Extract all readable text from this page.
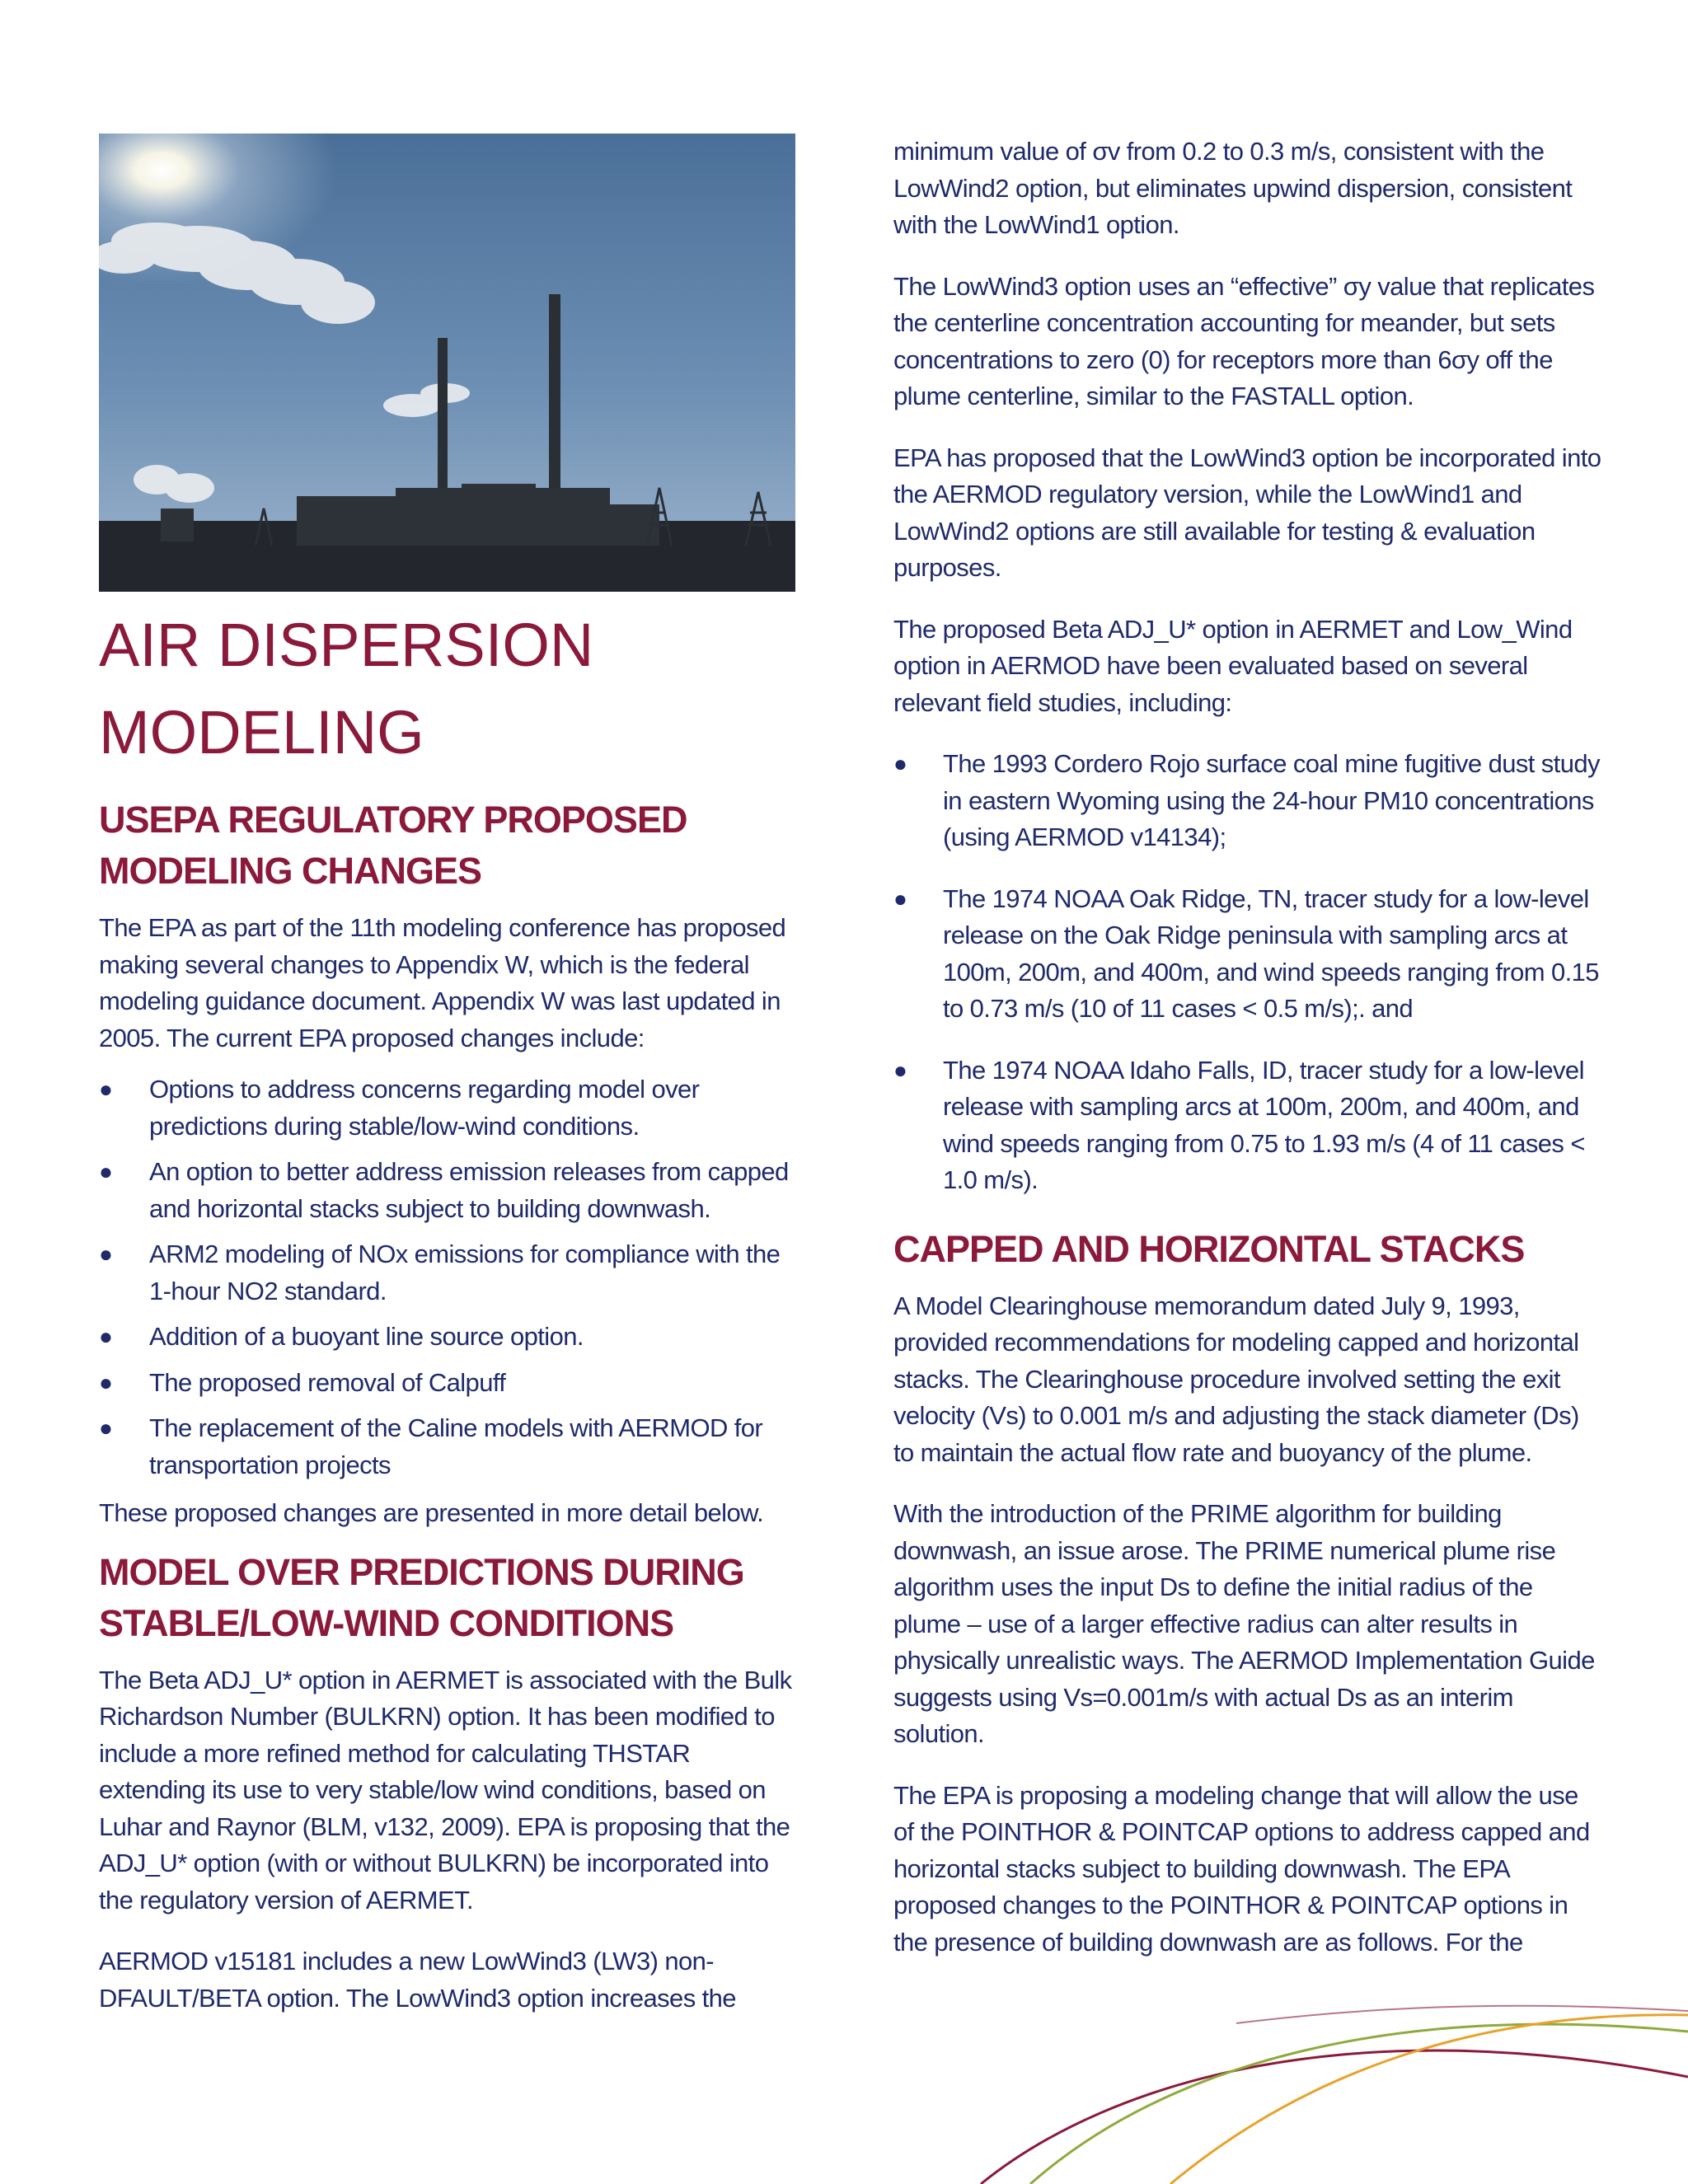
AIR DISPERSION
MODELING
USEPA REGULATORY PROPOSED MODELING CHANGES

The EPA as part of the 11th modeling conference has proposed making several changes to Appendix W, which is the federal modeling guidance document. Appendix W was last updated in 2005. The current EPA proposed changes include:

● Options to address concerns regarding model over predictions during stable/low-wind conditions.
● An option to better address emission releases from capped and horizontal stacks subject to building downwash.
● ARM2 modeling of NOx emissions for compliance with the 1-hour NO2 standard.
● Addition of a buoyant line source option.
● The proposed removal of Calpuff
● The replacement of the Caline models with AERMOD for transportation projects

These proposed changes are presented in more detail below.

MODEL OVER PREDICTIONS DURING STABLE/LOW-WIND CONDITIONS

The Beta ADJ_U* option in AERMET is associated with the Bulk Richardson Number (BULKRN) option. It has been modified to include a more refined method for calculating THSTAR extending its use to very stable/low wind conditions, based on Luhar and Raynor (BLM, v132, 2009). EPA is proposing that the ADJ_U* option (with or without BULKRN) be incorporated into the regulatory version of AERMET.

AERMOD v15181 includes a new LowWind3 (LW3) non-DFAULT/BETA option. The LowWind3 option increases the

minimum value of σv from 0.2 to 0.3 m/s, consistent with the LowWind2 option, but eliminates upwind dispersion, consistent with the LowWind1 option.

The LowWind3 option uses an “effective” σy value that replicates the centerline concentration accounting for meander, but sets concentrations to zero (0) for receptors more than 6σy off the plume centerline, similar to the FASTALL option.

EPA has proposed that the LowWind3 option be incorporated into the AERMOD regulatory version, while the LowWind1 and LowWind2 options are still available for testing & evaluation purposes.

The proposed Beta ADJ_U* option in AERMET and Low_Wind option in AERMOD have been evaluated based on several relevant field studies, including:

● The 1993 Cordero Rojo surface coal mine fugitive dust study in eastern Wyoming using the 24-hour PM10 concentrations (using AERMOD v14134);
● The 1974 NOAA Oak Ridge, TN, tracer study for a low-level release on the Oak Ridge peninsula with sampling arcs at 100m, 200m, and 400m, and wind speeds ranging from 0.15 to 0.73 m/s (10 of 11 cases < 0.5 m/s);. and
● The 1974 NOAA Idaho Falls, ID, tracer study for a low-level release with sampling arcs at 100m, 200m, and 400m, and wind speeds ranging from 0.75 to 1.93 m/s (4 of 11 cases < 1.0 m/s).
CAPPED AND HORIZONTAL STACKS

A Model Clearinghouse memorandum dated July 9, 1993, provided recommendations for modeling capped and horizontal stacks. The Clearinghouse procedure involved setting the exit velocity (Vs) to 0.001 m/s and adjusting the stack diameter (Ds) to maintain the actual flow rate and buoyancy of the plume.

With the introduction of the PRIME algorithm for building downwash, an issue arose. The PRIME numerical plume rise algorithm uses the input Ds to define the initial radius of the plume – use of a larger effective radius can alter results in physically unrealistic ways. The AERMOD Implementation Guide suggests using Vs=0.001m/s with actual Ds as an interim solution.

The EPA is proposing a modeling change that will allow the use of the POINTHOR & POINTCAP options to address capped and horizontal stacks subject to building downwash. The EPA proposed changes to the POINTHOR & POINTCAP options in the presence of building downwash are as follows. For the
